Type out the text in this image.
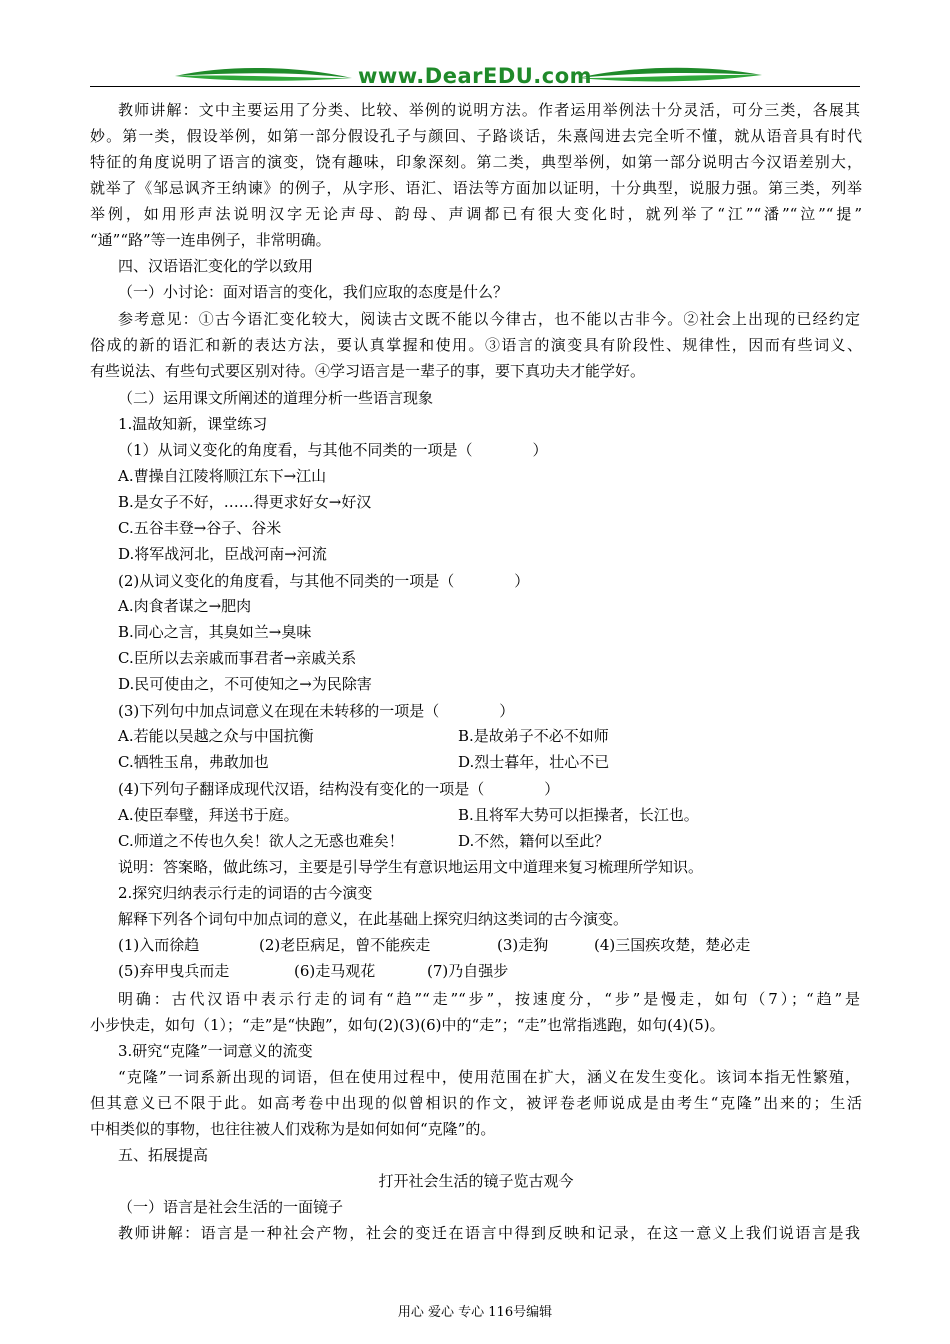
www.DearEDU.com
教师讲解：文中主要运用了分类、比较、举例的说明方法。作者运用举例法十分灵活，可分三类，各展其
妙。第一类，假设举例，如第一部分假设孔子与颜回、子路谈话，朱熹闯进去完全听不懂，就从语音具有时代
特征的角度说明了语言的演变，饶有趣味，印象深刻。第二类，典型举例，如第一部分说明古今汉语差别大，
就举了《邹忌讽齐王纳谏》的例子，从字形、语汇、语法等方面加以证明，十分典型，说服力强。第三类，列举
举例，如用形声法说明汉字无论声母、韵母、声调都已有很大变化时，就列举了“江”“潘”“泣”“提”
“通”“路”等一连串例子，非常明确。
四、汉语语汇变化的学以致用
（一）小讨论：面对语言的变化，我们应取的态度是什么？
参考意见：①古今语汇变化较大，阅读古文既不能以今律古，也不能以古非今。②社会上出现的已经约定
俗成的新的语汇和新的表达方法，要认真掌握和使用。③语言的演变具有阶段性、规律性，因而有些词义、
有些说法、有些句式要区别对待。④学习语言是一辈子的事，要下真功夫才能学好。
（二）运用课文所阐述的道理分析一些语言现象
1.温故知新，课堂练习
（1）从词义变化的角度看，与其他不同类的一项是（　　　　）
A.曹操自江陵将顺江东下→江山
B.是女子不好，……得更求好女→好汉
C.五谷丰登→谷子、谷米
D.将军战河北，臣战河南→河流
(2)从词义变化的角度看，与其他不同类的一项是（　　　　）
A.肉食者谋之→肥肉
B.同心之言，其臭如兰→臭味
C.臣所以去亲戚而事君者→亲戚关系
D.民可使由之，不可使知之→为民除害
(3)下列句中加点词意义在现在未转移的一项是（　　　　）
A.若能以吴越之众与中国抗衡	B.是故弟子不必不如师
C.牺牲玉帛，弗敢加也	D.烈士暮年，壮心不已
(4)下列句子翻译成现代汉语，结构没有变化的一项是（　　　　）
A.使臣奉璧，拜送书于庭。	B.且将军大势可以拒操者，长江也。
C.师道之不传也久矣！欲人之无惑也难矣！	D.不然，籍何以至此？
说明：答案略，做此练习，主要是引导学生有意识地运用文中道理来复习梳理所学知识。
2.探究归纳表示行走的词语的古今演变
解释下列各个词句中加点词的意义，在此基础上探究归纳这类词的古今演变。
(1)入而徐趋	(2)老臣病足，曾不能疾走	(3)走狗	(4)三国疾攻楚，楚必走
(5)弃甲曳兵而走	(6)走马观花	(7)乃自强步
明确：古代汉语中表示行走的词有“趋”“走”“步”，按速度分，“步”是慢走，如句（7）；“趋”是
小步快走，如句（1）；“走”是“快跑”，如句(2)(3)(6)中的“走”；“走”也常指逃跑，如句(4)(5)。
3.研究“克隆”一词意义的流变
“克隆”一词系新出现的词语，但在使用过程中，使用范围在扩大，涵义在发生变化。该词本指无性繁殖，
但其意义已不限于此。如高考卷中出现的似曾相识的作文，被评卷老师说成是由考生“克隆”出来的；生活
中相类似的事物，也往往被人们戏称为是如何如何“克隆”的。
五、拓展提高
打开社会生活的镜子览古观今
（一）语言是社会生活的一面镜子
教师讲解：语言是一种社会产物，社会的变迁在语言中得到反映和记录，在这一意义上我们说语言是我
用心 爱心 专心 116号编辑
